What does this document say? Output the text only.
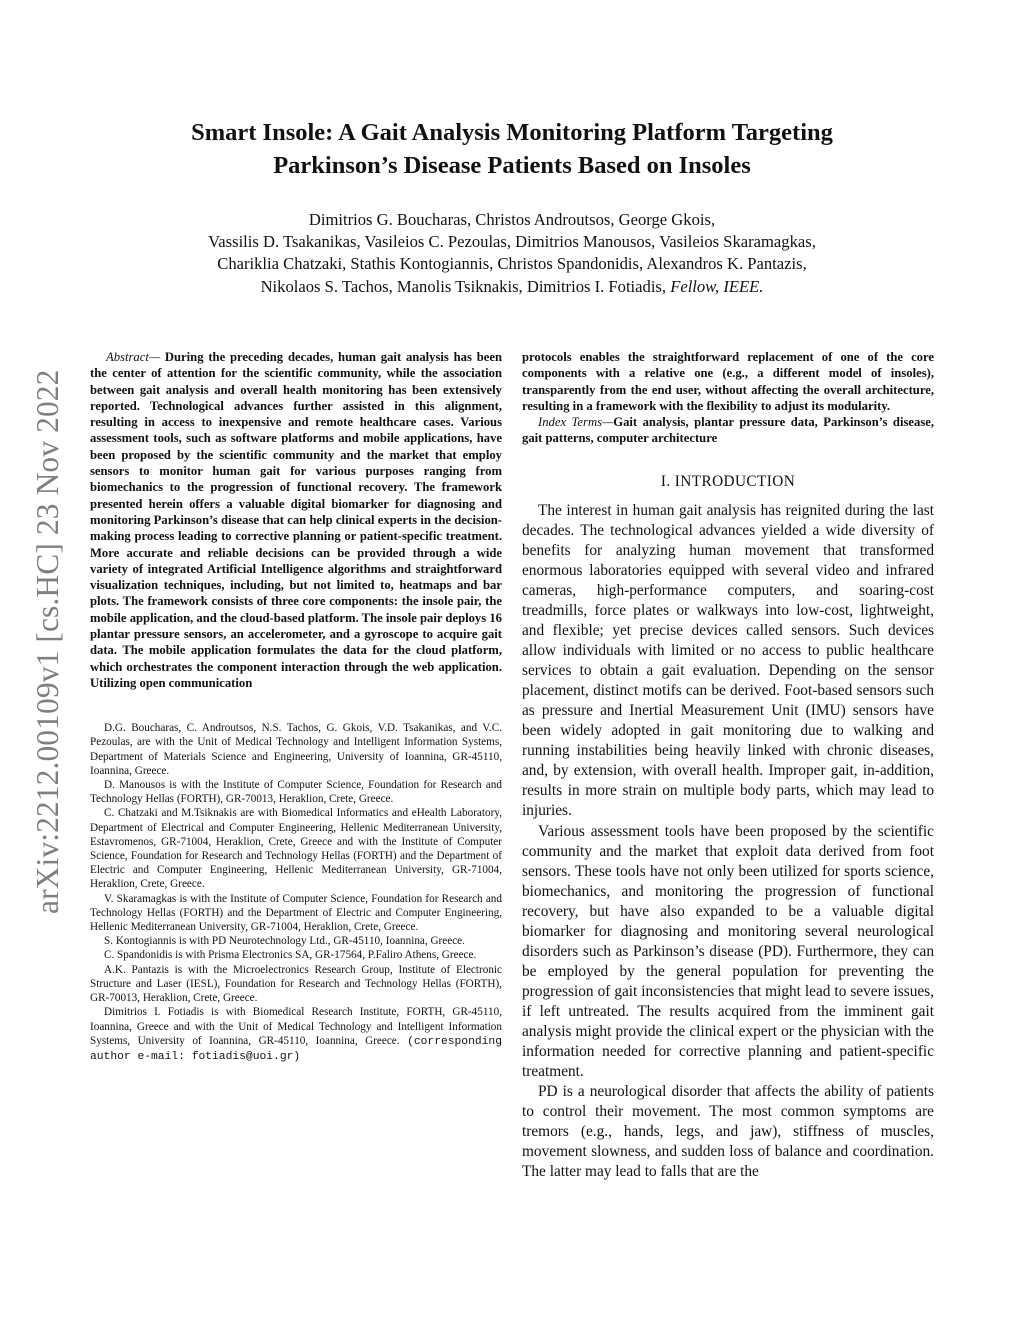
Smart Insole: A Gait Analysis Monitoring Platform Targeting
Parkinson’s Disease Patients Based on Insoles
Dimitrios G. Boucharas, Christos Androutsos, George Gkois,
Vassilis D. Tsakanikas, Vasileios C. Pezoulas, Dimitrios Manousos, Vasileios Skaramagkas,
Chariklia Chatzaki, Stathis Kontogiannis, Christos Spandonidis, Alexandros K. Pantazis,
Nikolaos S. Tachos, Manolis Tsiknakis, Dimitrios I. Fotiadis, Fellow, IEEE.
arXiv:2212.00109v1 [cs.HC] 23 Nov 2022

Abstract— During the preceding decades, human gait analysis has been the center of attention for the scientific community, while the association between gait analysis and overall health monitoring has been extensively reported. Technological advances further assisted in this alignment, resulting in access to inexpensive and remote healthcare cases. Various assessment tools, such as software platforms and mobile applications, have been proposed by the scientific community and the market that employ sensors to monitor human gait for various purposes ranging from biomechanics to the progression of functional recovery. The framework presented herein offers a valuable digital biomarker for diagnosing and monitoring Parkinson’s disease that can help clinical experts in the decision-making process leading to corrective planning or patient-specific treatment. More accurate and reliable decisions can be provided through a wide variety of integrated Artificial Intelligence algorithms and straightforward visualization techniques, including, but not limited to, heatmaps and bar plots. The framework consists of three core components: the insole pair, the mobile application, and the cloud-based platform. The insole pair deploys 16 plantar pressure sensors, an accelerometer, and a gyroscope to acquire gait data. The mobile application formulates the data for the cloud platform, which orchestrates the component interaction through the web application. Utilizing open communication

D.G. Boucharas, C. Androutsos, N.S. Tachos, G. Gkois, V.D. Tsakanikas, and V.C. Pezoulas, are with the Unit of Medical Technology and Intelligent Information Systems, Department of Materials Science and Engineering, University of Ioannina, GR-45110, Ioannina, Greece.

D. Manousos is with the Institute of Computer Science, Foundation for Research and Technology Hellas (FORTH), GR-70013, Heraklion, Crete, Greece.

C. Chatzaki and M.Tsiknakis are with Biomedical Informatics and eHealth Laboratory, Department of Electrical and Computer Engineering, Hellenic Mediterranean University, Estavromenos, GR-71004, Heraklion, Crete, Greece and with the Institute of Computer Science, Foundation for Research and Technology Hellas (FORTH) and the Department of Electric and Computer Engineering, Hellenic Mediterranean University, GR-71004, Heraklion, Crete, Greece.

V. Skaramagkas is with the Institute of Computer Science, Foundation for Research and Technology Hellas (FORTH) and the Department of Electric and Computer Engineering, Hellenic Mediterranean University, GR-71004, Heraklion, Crete, Greece.

S. Kontogiannis is with PD Neurotechnology Ltd., GR-45110, Ioannina, Greece.

C. Spandonidis is with Prisma Electronics SA, GR-17564, P.Faliro Athens, Greece.

A.K. Pantazis is with the Microelectronics Research Group, Institute of Electronic Structure and Laser (IESL), Foundation for Research and Technology Hellas (FORTH), GR-70013, Heraklion, Crete, Greece.

Dimitrios I. Fotiadis is with Biomedical Research Institute, FORTH, GR-45110, Ioannina, Greece and with the Unit of Medical Technology and Intelligent Information Systems, University of Ioannina, GR-45110, Ioannina, Greece. (corresponding author e-mail: fotiadis@uoi.gr)

protocols enables the straightforward replacement of one of the core components with a relative one (e.g., a different model of insoles), transparently from the end user, without affecting the overall architecture, resulting in a framework with the flexibility to adjust its modularity.

Index Terms—Gait analysis, plantar pressure data, Parkinson’s disease, gait patterns, computer architecture

I. INTRODUCTION

The interest in human gait analysis has reignited during the last decades. The technological advances yielded a wide diversity of benefits for analyzing human movement that transformed enormous laboratories equipped with several video and infrared cameras, high-performance computers, and soaring-cost treadmills, force plates or walkways into low-cost, lightweight, and flexible; yet precise devices called sensors. Such devices allow individuals with limited or no access to public healthcare services to obtain a gait evaluation. Depending on the sensor placement, distinct motifs can be derived. Foot-based sensors such as pressure and Inertial Measurement Unit (IMU) sensors have been widely adopted in gait monitoring due to walking and running instabilities being heavily linked with chronic diseases, and, by extension, with overall health. Improper gait, in-addition, results in more strain on multiple body parts, which may lead to injuries.

Various assessment tools have been proposed by the scientific community and the market that exploit data derived from foot sensors. These tools have not only been utilized for sports science, biomechanics, and monitoring the progression of functional recovery, but have also expanded to be a valuable digital biomarker for diagnosing and monitoring several neurological disorders such as Parkinson’s disease (PD). Furthermore, they can be employed by the general population for preventing the progression of gait inconsistencies that might lead to severe issues, if left untreated. The results acquired from the imminent gait analysis might provide the clinical expert or the physician with the information needed for corrective planning and patient-specific treatment.

PD is a neurological disorder that affects the ability of patients to control their movement. The most common symptoms are tremors (e.g., hands, legs, and jaw), stiffness of muscles, movement slowness, and sudden loss of balance and coordination. The latter may lead to falls that are the
